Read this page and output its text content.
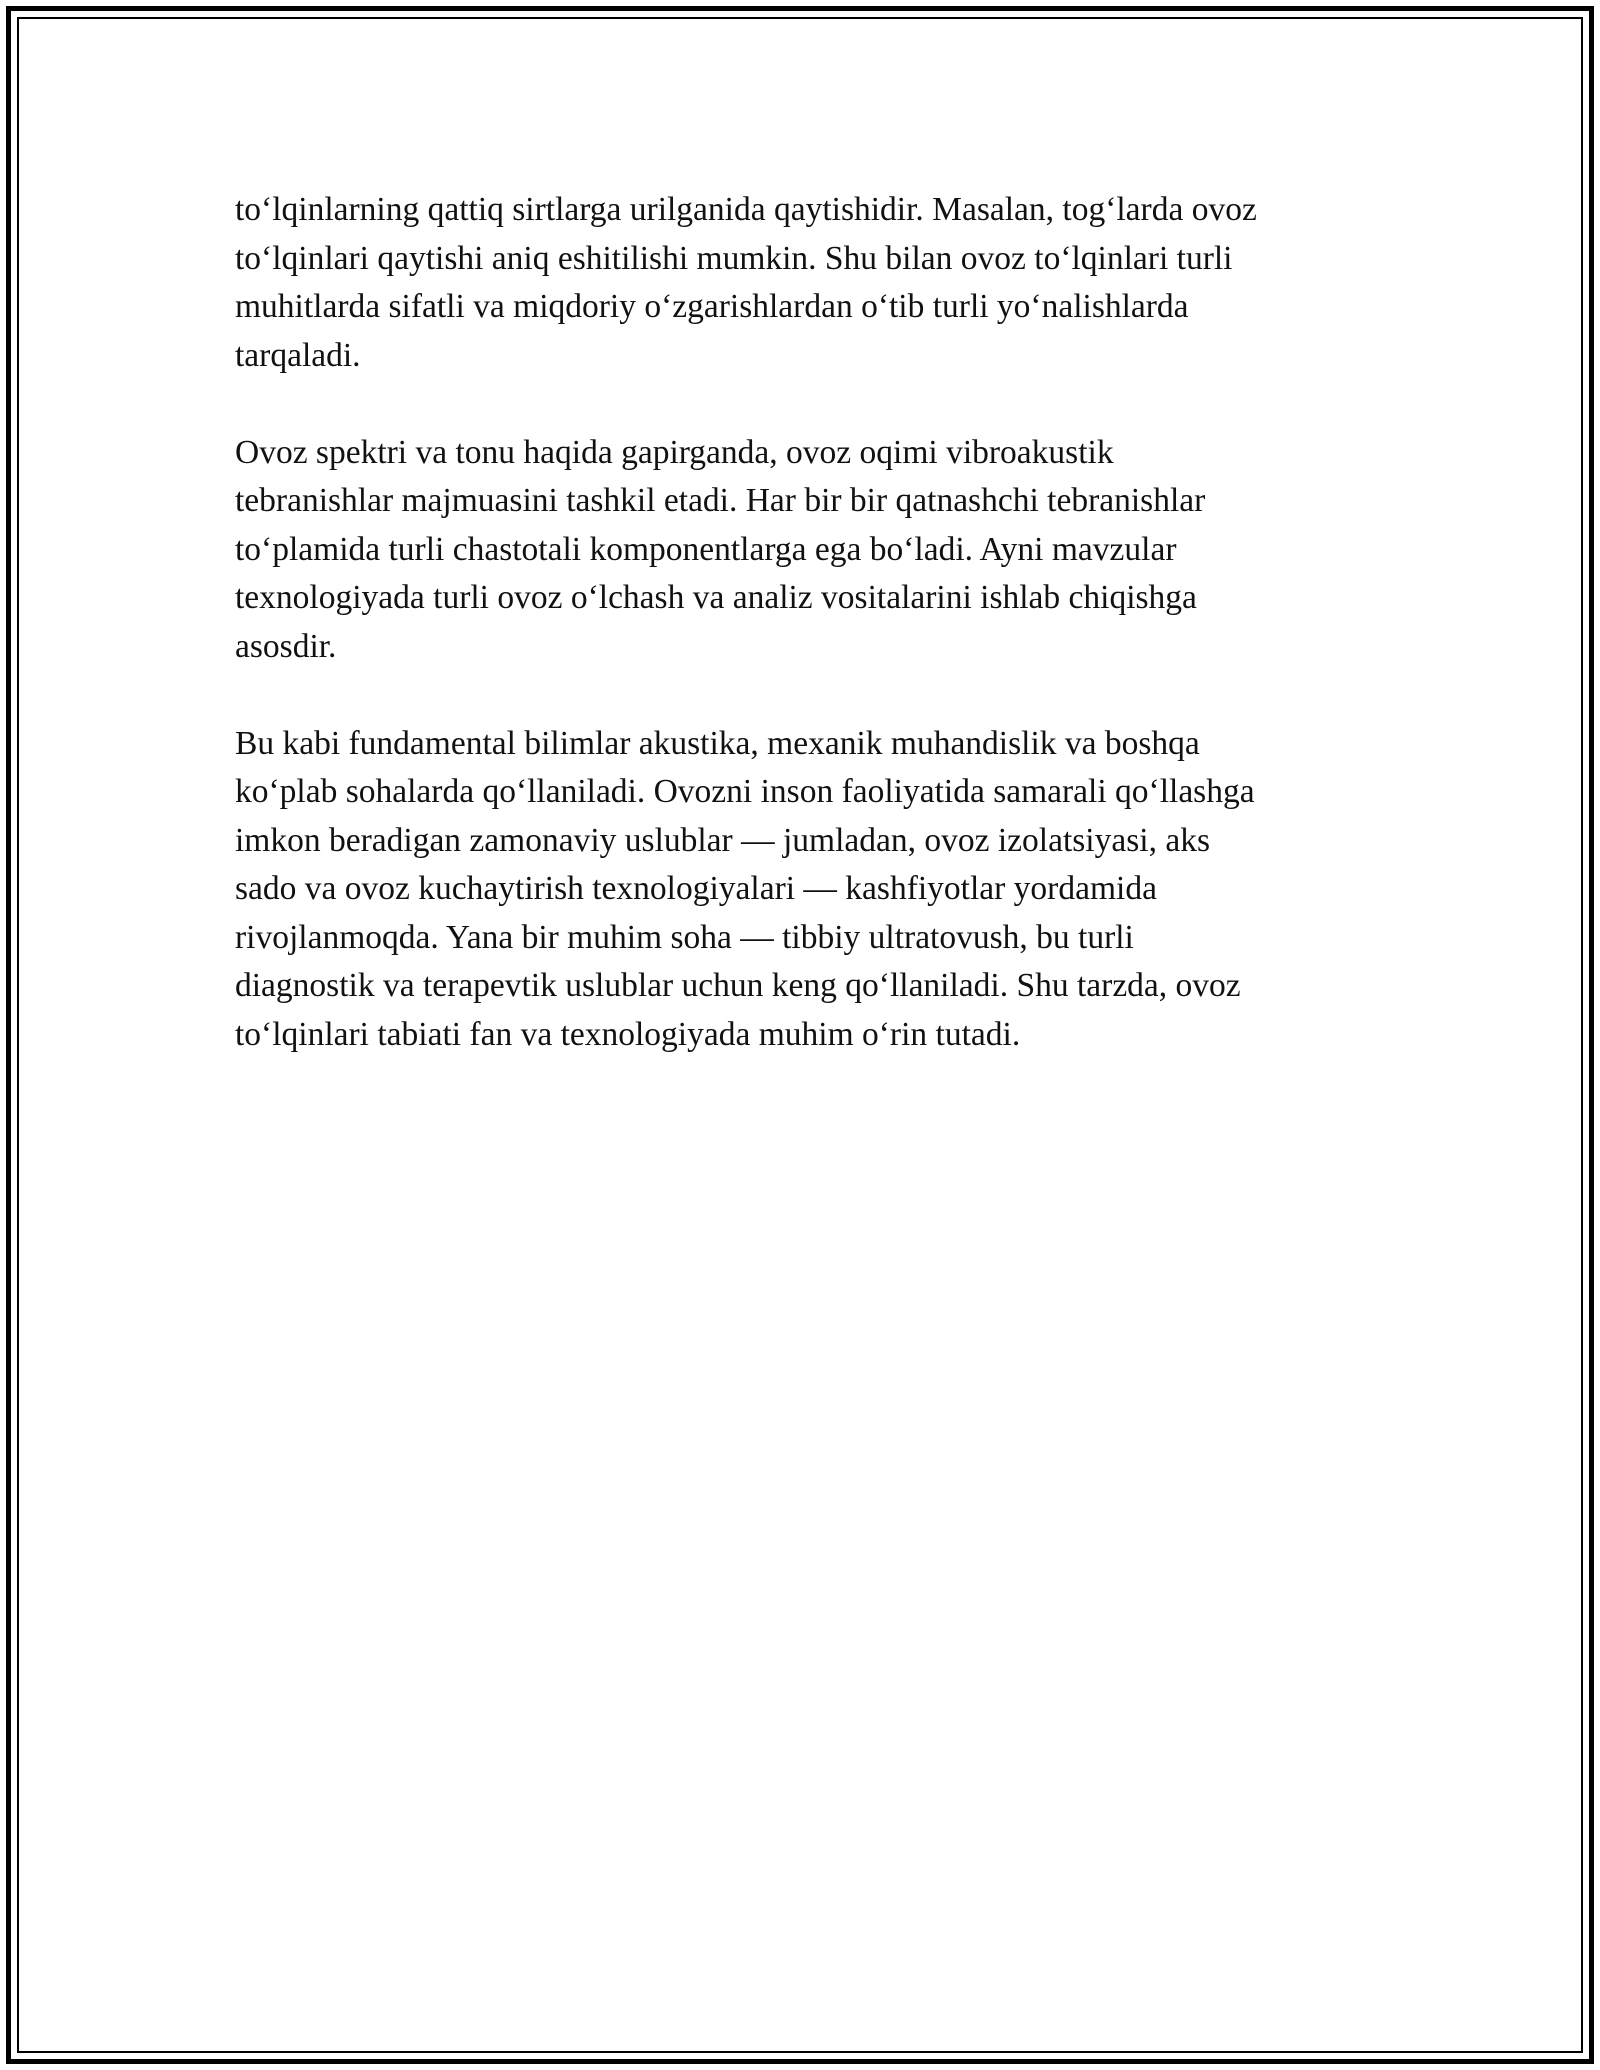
to‘lqinlarning qattiq sirtlarga urilganida qaytishidir. Masalan, tog‘larda ovoz
to‘lqinlari qaytishi aniq eshitilishi mumkin. Shu bilan ovoz to‘lqinlari turli
muhitlarda sifatli va miqdoriy o‘zgarishlardan o‘tib turli yo‘nalishlarda
tarqaladi.

Ovoz spektri va tonu haqida gapirganda, ovoz oqimi vibroakustik
tebranishlar majmuasini tashkil etadi. Har bir bir qatnashchi tebranishlar
to‘plamida turli chastotali komponentlarga ega bo‘ladi. Ayni mavzular
texnologiyada turli ovoz o‘lchash va analiz vositalarini ishlab chiqishga
asosdir.

Bu kabi fundamental bilimlar akustika, mexanik muhandislik va boshqa
ko‘plab sohalarda qo‘llaniladi. Ovozni inson faoliyatida samarali qo‘llashga
imkon beradigan zamonaviy uslublar — jumladan, ovoz izolatsiyasi, aks
sado va ovoz kuchaytirish texnologiyalari — kashfiyotlar yordamida
rivojlanmoqda. Yana bir muhim soha — tibbiy ultratovush, bu turli
diagnostik va terapevtik uslublar uchun keng qo‘llaniladi. Shu tarzda, ovoz
to‘lqinlari tabiati fan va texnologiyada muhim o‘rin tutadi.
